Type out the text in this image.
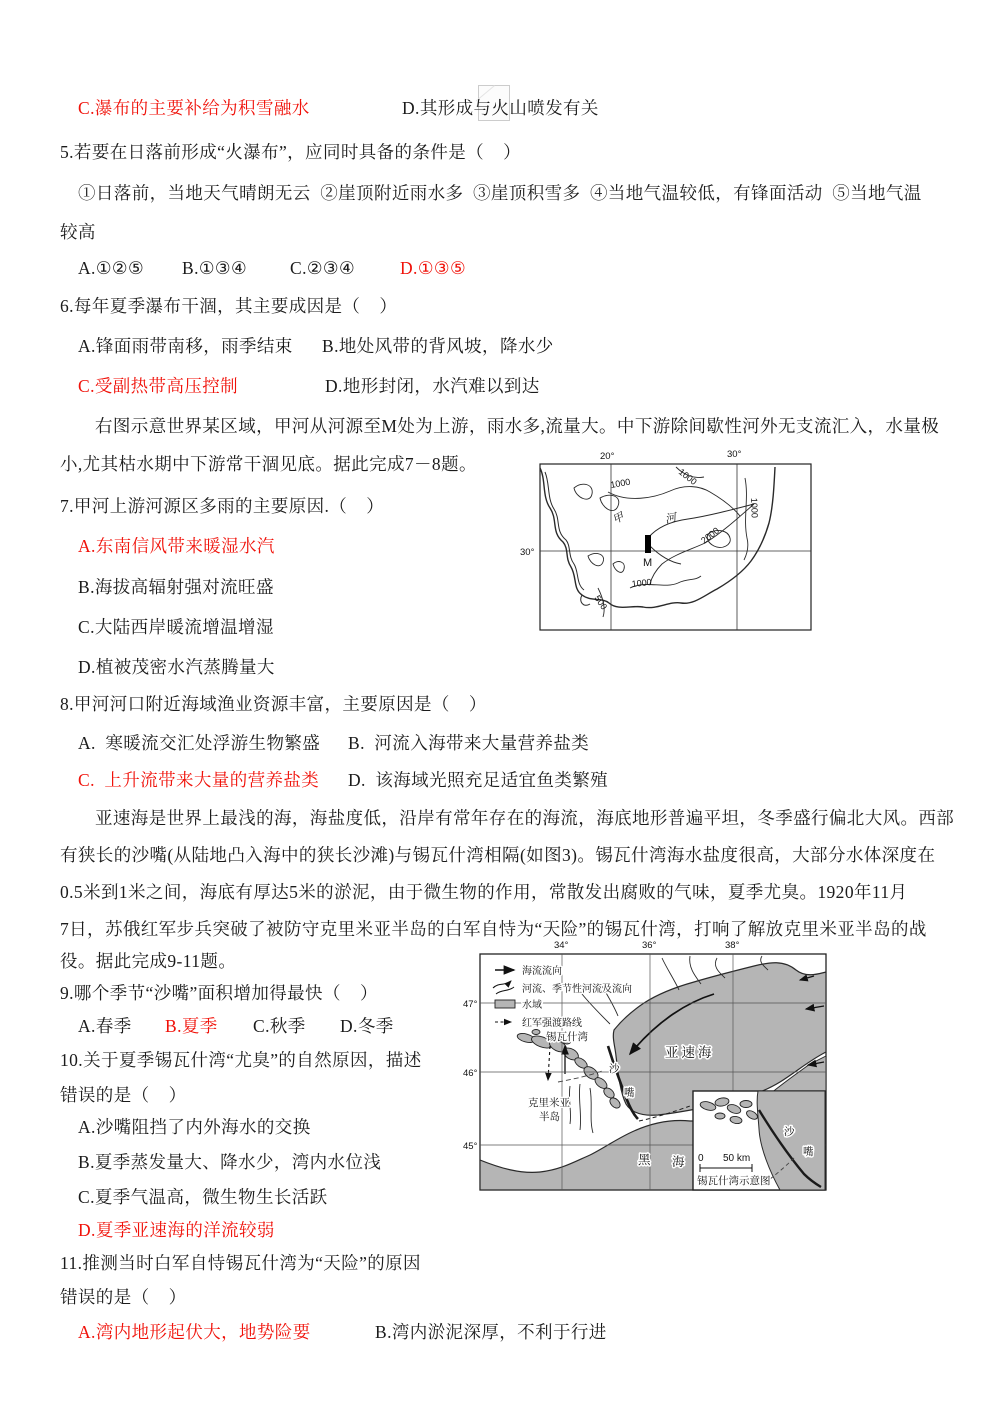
C.瀑布的主要补给为积雪融水	D.其形成与火山喷发有关
5.若要在日落前形成“火瀑布”，应同时具备的条件是（    ）
①日落前，当地天气晴朗无云  ②崖顶附近雨水多  ③崖顶积雪多  ④当地气温较低，有锋面活动  ⑤当地气温
较高
A.①②⑤ B.①③④ C.②③④	D.①③⑤
6.每年夏季瀑布干涸，其主要成因是（    ）
A.锋面雨带南移，雨季结束 B.地处风带的背风坡，降水少
C.受副热带高压控制	D.地形封闭，水汽难以到达
右图示意世界某区域，甲河从河源至M处为上游，雨水多,流量大。中下游除间歇性河外无支流汇入，水量极
小,尤其枯水期中下游常干涸见底。据此完成7－8题。
7.甲河上游河源区多雨的主要原因.（    ）
A.东南信风带来暖湿水汽
B.海拔高辐射强对流旺盛
C.大陆西岸暖流增温增湿
D.植被茂密水汽蒸腾量大
8.甲河河口附近海域渔业资源丰富，主要原因是（    ）
A.  寒暖流交汇处浮游生物繁盛 B.  河流入海带来大量营养盐类
C.  上升流带来大量的营养盐类 D.  该海域光照充足适宜鱼类繁殖
亚速海是世界上最浅的海，海盐度低，沿岸有常年存在的海流，海底地形普遍平坦，冬季盛行偏北大风。西部
有狭长的沙嘴(从陆地凸入海中的狭长沙滩)与锡瓦什湾相隔(如图3)。锡瓦什湾海水盐度很高，大部分水体深度在
0.5米到1米之间，海底有厚达5米的淤泥，由于微生物的作用，常散发出腐败的气味，夏季尤臭。1920年11月
7日，苏俄红军步兵突破了被防守克里米亚半岛的白军自恃为“天险”的锡瓦什湾，打响了解放克里米亚半岛的战
役。据此完成9-11题。
9.哪个季节“沙嘴”面积增加得最快（    ）
A.春季 B.夏季 C.秋季 D.冬季
10.关于夏季锡瓦什湾“尤臭”的自然原因，描述
错误的是（    ）
A.沙嘴阻挡了内外海水的交换
B.夏季蒸发量大、降水少，湾内水位浅
C.夏季气温高，微生物生长活跃
D.夏季亚速海的洋流较弱
11.推测当时白军自恃锡瓦什湾为“天险”的原因
错误的是（    ）
A.湾内地形起伏大，地势险要	B.湾内淤泥深厚，不利于行进
M
20°	30°
30°
1000	1000
1000
2000
1000
500
甲	河
海流流向
河流、季节性河流及流向
水域
红军强渡路线
锡瓦什湾
亚速海
沙
嘴
克里米亚
半岛
黑 海
34°	36°	38°
47°
46°
45°
沙
嘴
0 50 km
锡瓦什湾示意图
